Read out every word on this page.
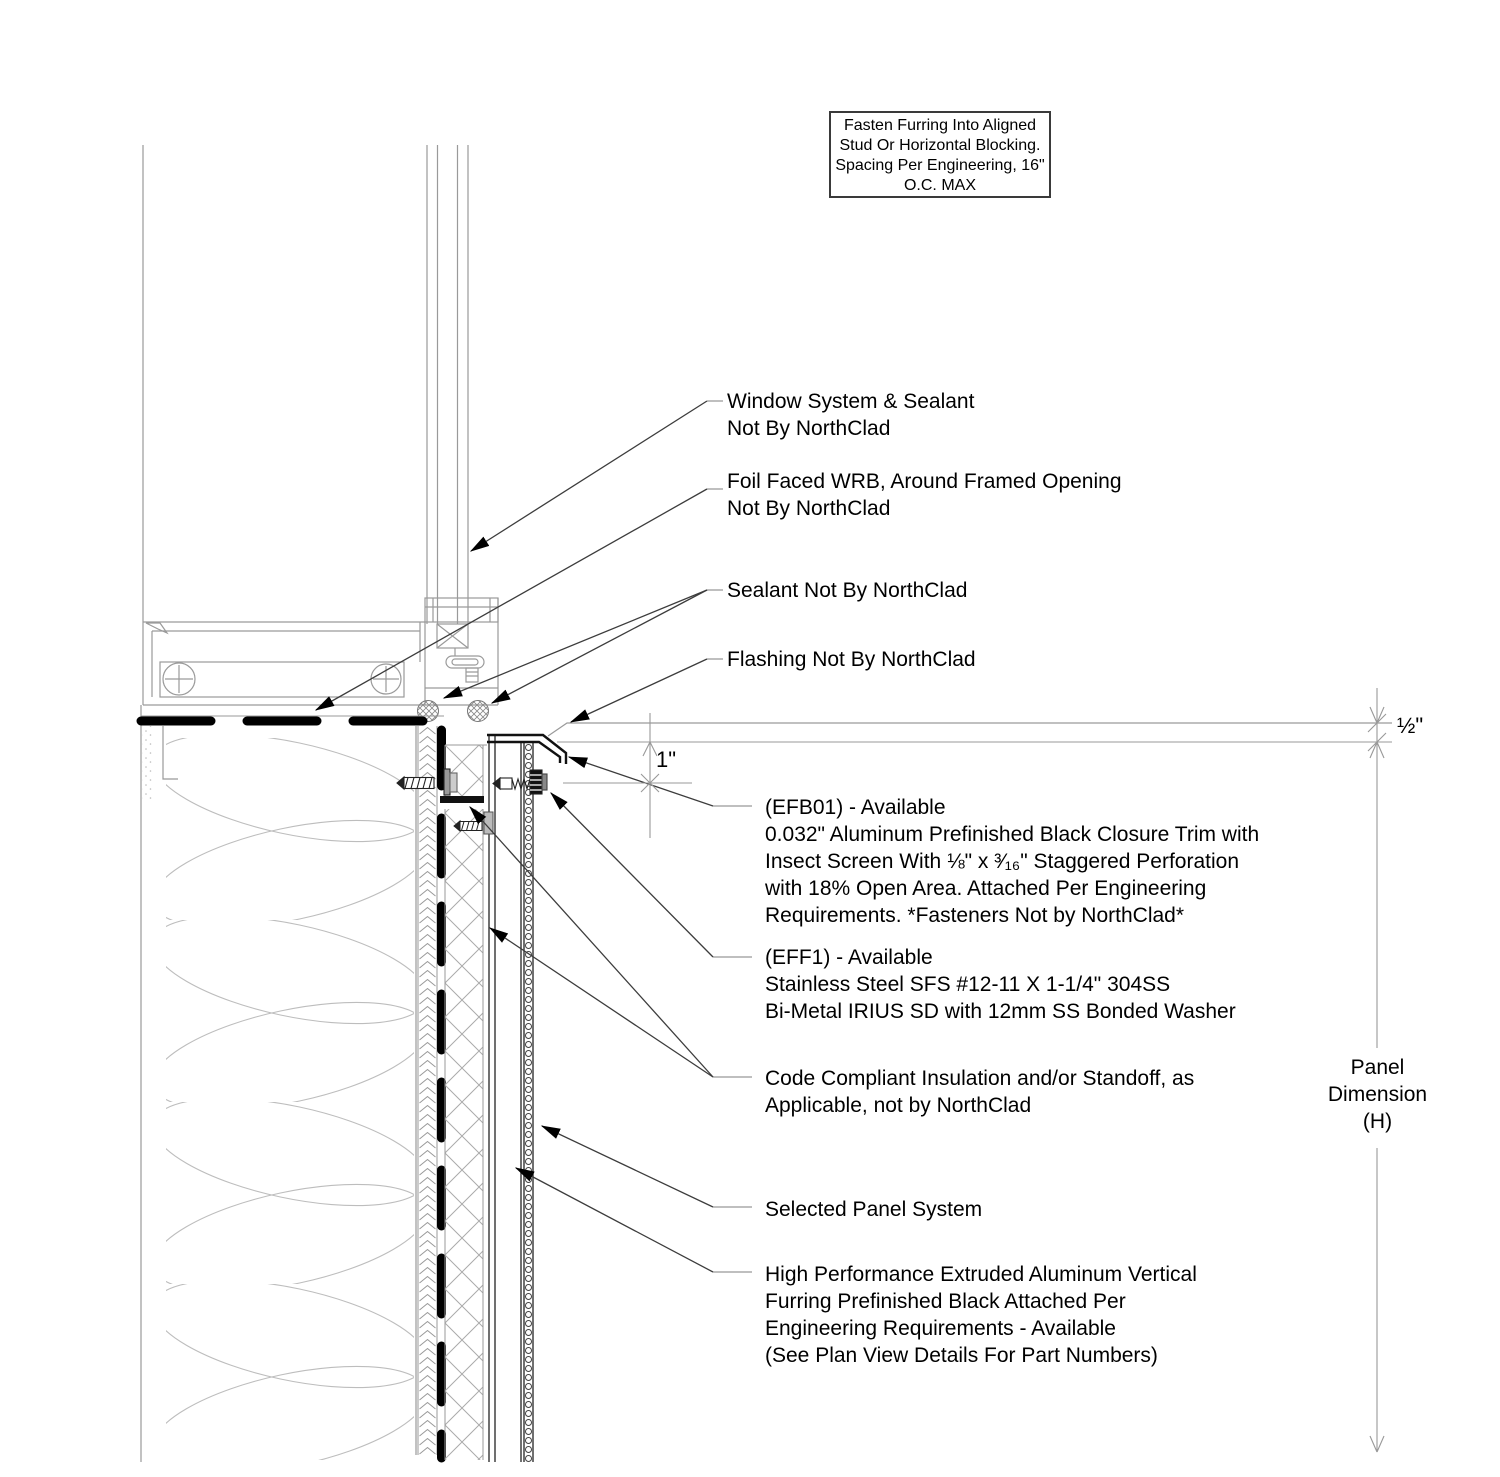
Fasten Furring Into Aligned
Stud Or Horizontal Blocking.
Spacing Per Engineering, 16"
O.C. MAX
Window System & Sealant
Not By NorthClad
Foil Faced WRB, Around Framed Opening
Not By NorthClad
Sealant Not By NorthClad
Flashing Not By NorthClad
(EFB01) - Available
0.032" Aluminum Prefinished Black Closure Trim with
Insect Screen With ⅛" x ³⁄₁₆" Staggered Perforation
with 18% Open Area. Attached Per Engineering
Requirements. *Fasteners Not by NorthClad*
(EFF1) - Available
Stainless Steel SFS #12-11 X 1-1/4" 304SS
Bi-Metal IRIUS SD with 12mm SS Bonded Washer
Code Compliant Insulation and/or Standoff, as
Applicable, not by NorthClad
Selected Panel System
High Performance Extruded Aluminum Vertical
Furring Prefinished Black Attached Per
Engineering Requirements - Available
(See Plan View Details For Part Numbers)
Panel
Dimension
(H)
½"
1"
